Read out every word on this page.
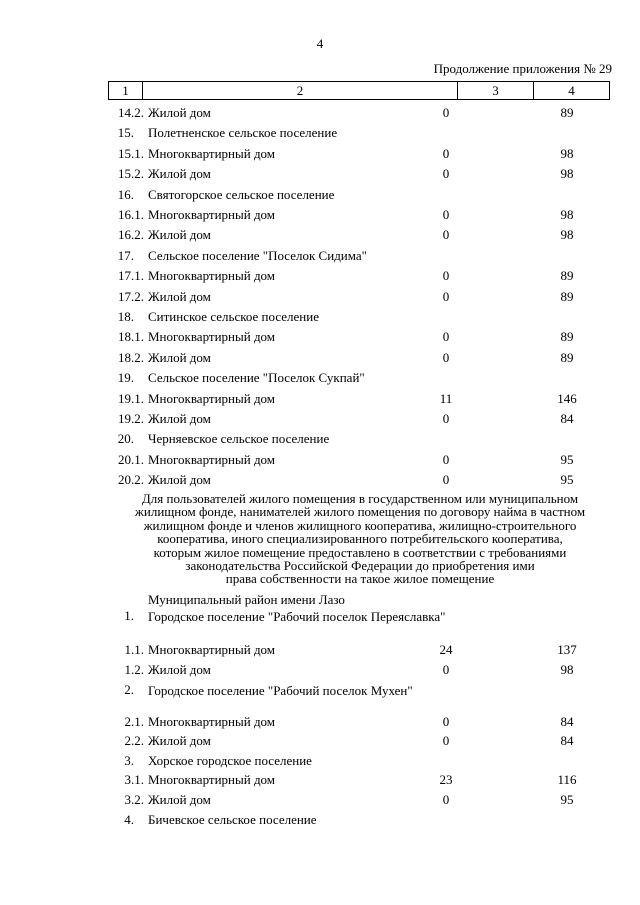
4
Продолжение приложения № 29
1	2	3	4
14.2. Жилой дом	0	89
15. Полетненское сельское поселение
15.1. Многоквартирный дом	0	98
15.2. Жилой дом	0	98
16. Святогорское сельское поселение
16.1. Многоквартирный дом	0	98
16.2. Жилой дом	0	98
17. Сельское поселение "Поселок Сидима"
17.1. Многоквартирный дом	0	89
17.2. Жилой дом	0	89
18. Ситинское сельское поселение
18.1. Многоквартирный дом	0	89
18.2. Жилой дом	0	89
19. Сельское поселение "Поселок Сукпай"
19.1. Многоквартирный дом	11	146
19.2. Жилой дом	0	84
20. Черняевское сельское поселение
20.1. Многоквартирный дом	0	95
20.2. Жилой дом	0	95
Для пользователей жилого помещения в государственном или муниципальном
жилищном фонде, нанимателей жилого помещения по договору найма в частном
жилищном фонде и членов жилищного кооператива, жилищно-строительного
кооператива, иного специализированного потребительского кооператива,
которым жилое помещение предоставлено в соответствии с требованиями
законодательства Российской Федерации до приобретения ими
права собственности на такое жилое помещение
Муниципальный район имени Лазо
1. Городское поселение "Рабочий поселок Переяславка"
1.1. Многоквартирный дом	24	137
1.2. Жилой дом	0	98
2. Городское поселение "Рабочий поселок Мухен"
2.1. Многоквартирный дом	0	84
2.2. Жилой дом	0	84
3. Хорское городское поселение
3.1. Многоквартирный дом	23	116
3.2. Жилой дом	0	95
4. Бичевское сельское поселение
